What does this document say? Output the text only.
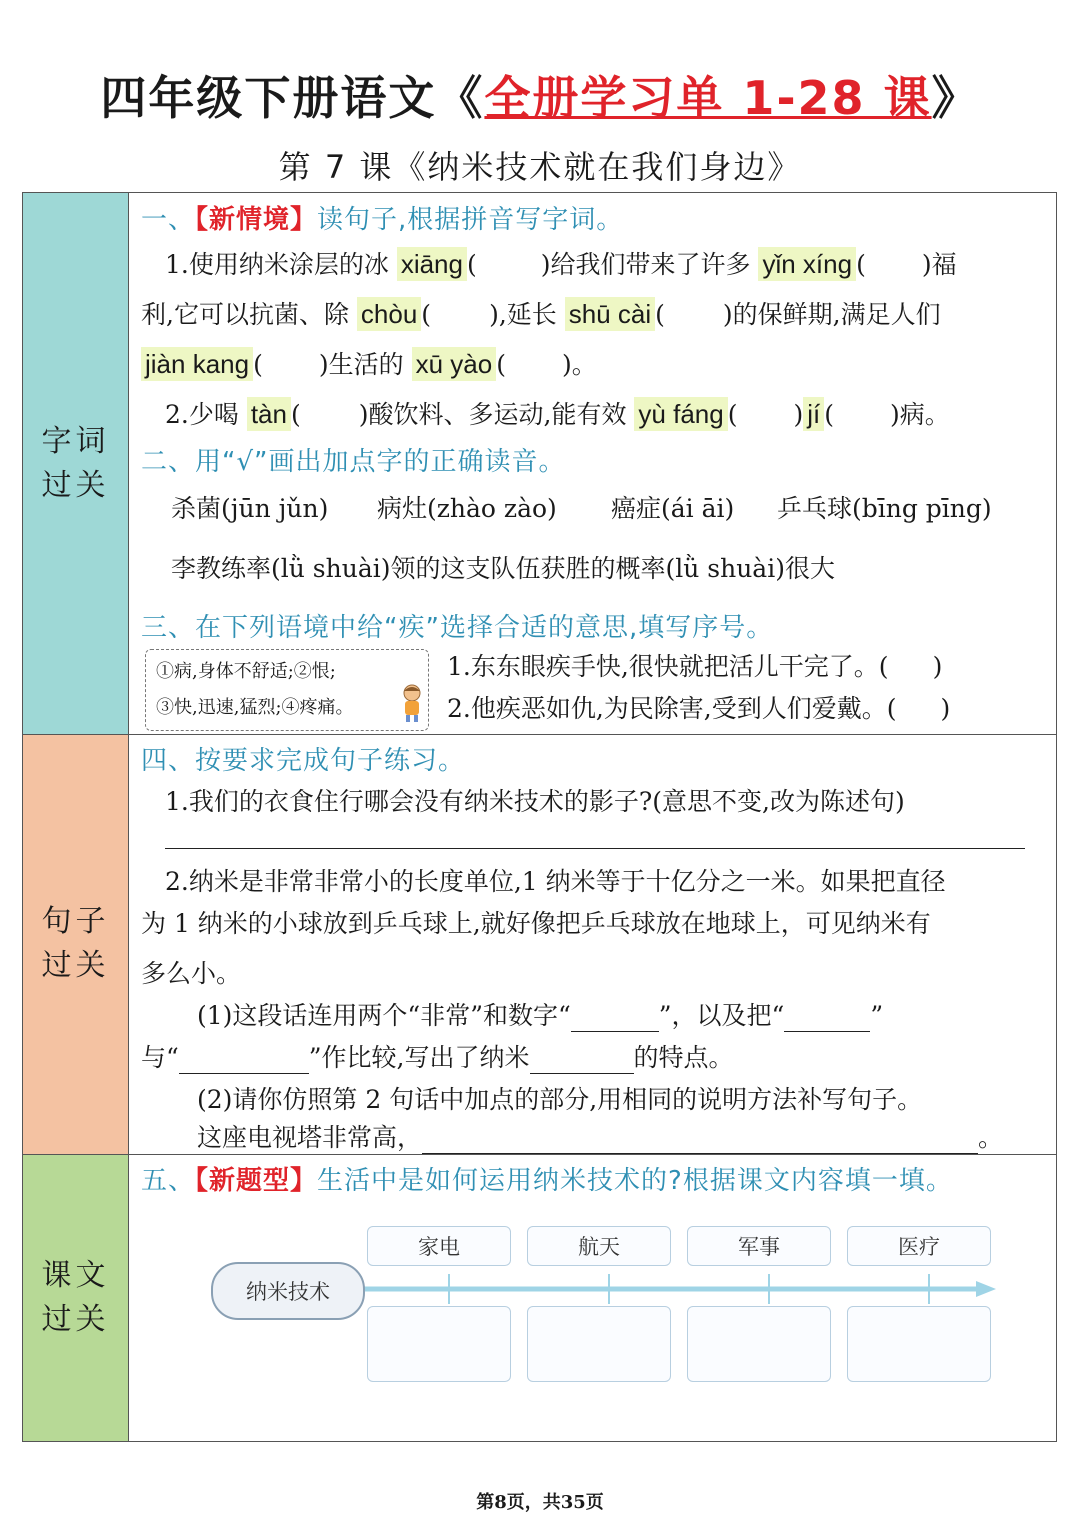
四年级下册语文《全册学习单 1-28 课》
第 7 课《纳米技术就在我们身边》
字词过关
句子过关
课文过关
一、【新情境】读句子,根据拼音写字词。
1.使用纳米涂层的冰 xiāng (	)给我们带来了许多 yǐn xíng ( )福
利,它可以抗菌、除 chòu ( ),延长 shū cài ( )的保鲜期,满足人们
jiàn kang ( )生活的 xū yào ( )。
2.少喝 tàn ( )酸饮料、多运动,能有效 yù fáng ( ) jí ( )病。
二、用“√”画出加点字的正确读音。
杀菌(jūn jǔn) 病灶(zhào zào) 癌症(ái āi) 乒乓球(bīng pīng)
李教练率(lǜ shuài)领的这支队伍获胜的概率(lǜ shuài)很大
三、在下列语境中给“疾”选择合适的意思,填写序号。
①病,身体不舒适;②恨;
③快,迅速,猛烈;④疼痛。
1.东东眼疾手快,很快就把活儿干完了。( )
2.他疾恶如仇,为民除害,受到人们爱戴。( )
四、按要求完成句子练习。
1.我们的衣食住行哪会没有纳米技术的影子?(意思不变,改为陈述句)
2.纳米是非常非常小的长度单位,1 纳米等于十亿分之一米。如果把直径
为 1 纳米的小球放到乒乓球上,就好像把乒乓球放在地球上，可见纳米有
多么小。
(1)这段话连用两个“非常”和数字“	”，以及把“	”
与“	”作比较,写出了纳米	的特点。
(2)请你仿照第 2 句话中加点的部分,用相同的说明方法补写句子。
这座电视塔非常高，	。
五、【新题型】生活中是如何运用纳米技术的?根据课文内容填一填。
纳米技术
家电	航天	军事	医疗
第8页，共35页
